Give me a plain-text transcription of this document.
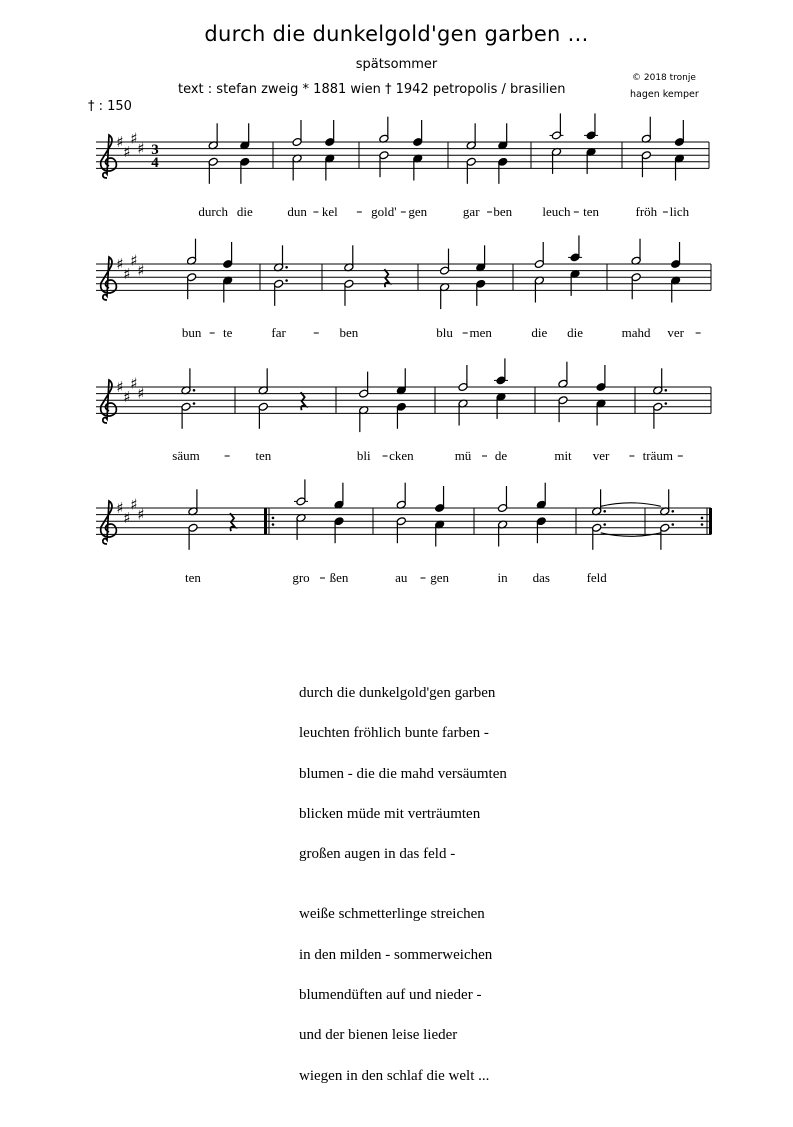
durch die dunkelgold'gen garben ...
spätsommer
text : stefan zweig * 1881 wien † 1942 petropolis / brasilien
© 2018 tronje
hagen kemper
† : 150
♯
♯
♯
♯ 3
4
durch die	dun kel	gold' gen	gar ben leuch ten	fröh lich
♯
♯
♯
♯
bun te	far	ben	blu men	die die	mahd ver
♯
♯
♯
♯
säum	ten	bli cken	mü de	mit ver	träum
♯
♯
♯
♯
ten	gro ßen	au gen	in das	feld
durch die dunkelgold'gen garben
leuchten fröhlich bunte farben -
blumen - die die mahd versäumten
blicken müde mit verträumten
großen augen in das feld -
weiße schmetterlinge streichen
in den milden - sommerweichen
blumendüften auf und nieder -
und der bienen leise lieder
wiegen in den schlaf die welt ...
